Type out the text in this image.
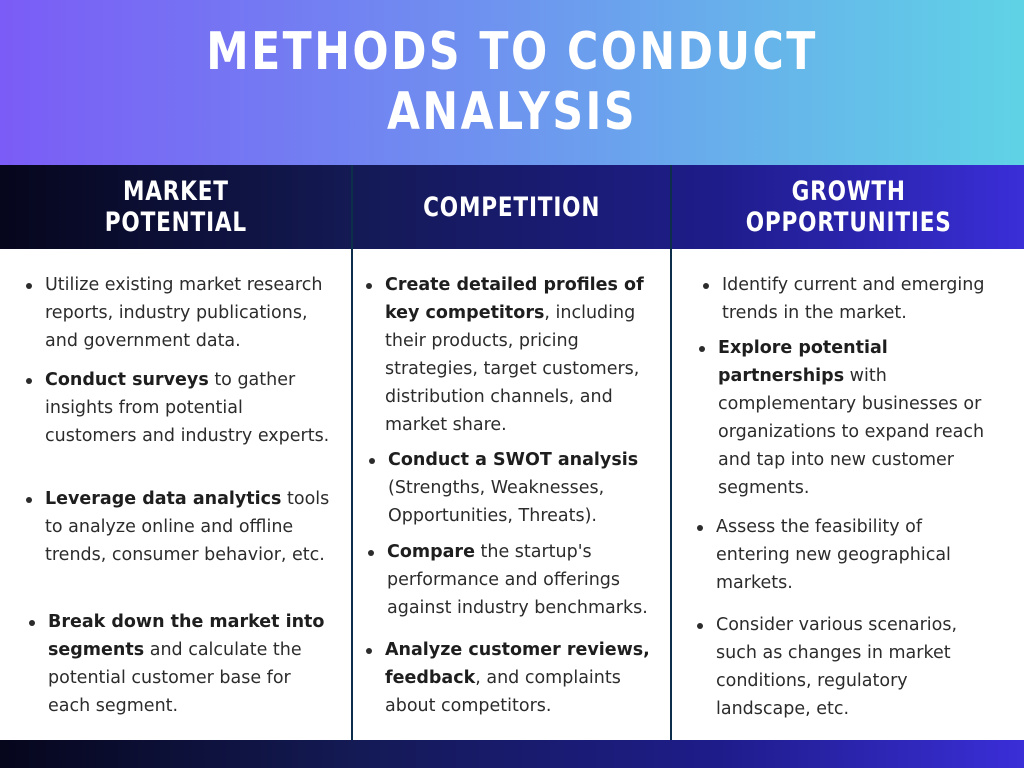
METHODS TO CONDUCT
ANALYSIS
MARKET
POTENTIAL	COMPETITION	GROWTH
OPPORTUNITIES
Utilize existing market research reports, industry publications, and government data.
Conduct surveys to gather insights from potential customers and industry experts.
Leverage data analytics tools to analyze online and offline trends, consumer behavior, etc.
Break down the market into segments and calculate the potential customer base for each segment.
Create detailed profiles of key competitors, including their products, pricing strategies, target customers, distribution channels, and market share.
Conduct a SWOT analysis (Strengths, Weaknesses, Opportunities, Threats).
Compare the startup's performance and offerings against industry benchmarks.
Analyze customer reviews, feedback, and complaints about competitors.
Identify current and emerging trends in the market.
Explore potential partnerships with complementary businesses or organizations to expand reach and tap into new customer segments.
Assess the feasibility of entering new geographical markets.
Consider various scenarios, such as changes in market conditions, regulatory landscape, etc.
